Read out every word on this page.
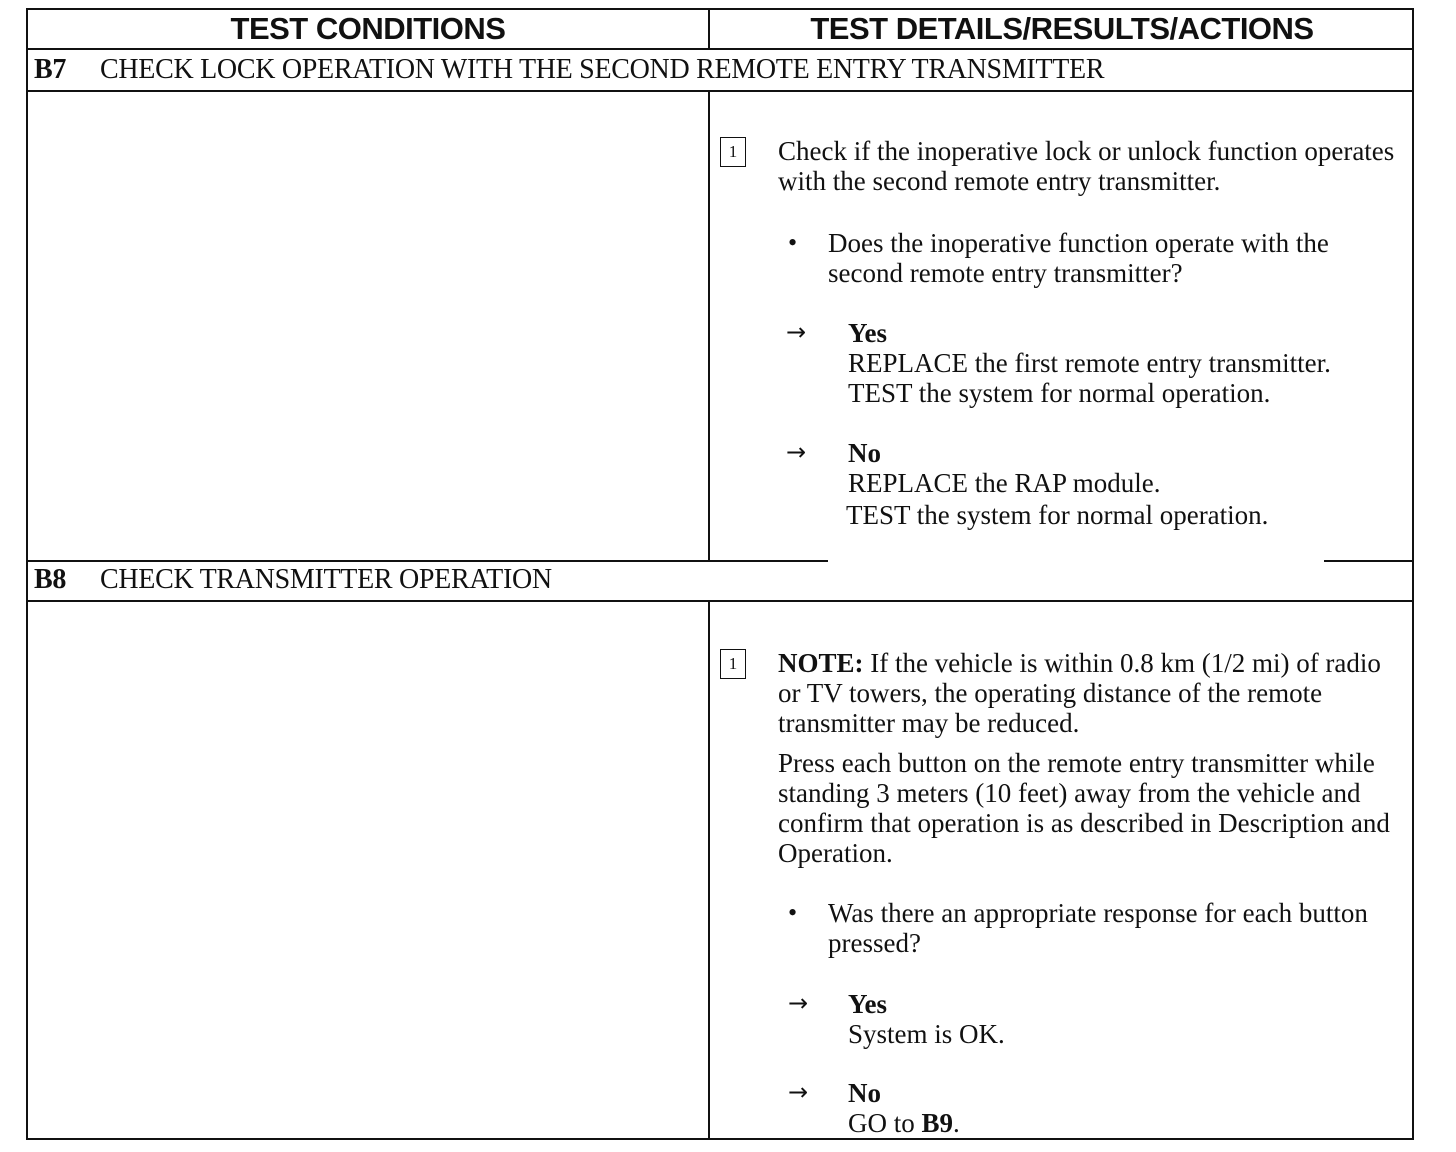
TEST CONDITIONS	TEST DETAILS/RESULTS/ACTIONS
B7 CHECK LOCK OPERATION WITH THE SECOND REMOTE ENTRY TRANSMITTER
1	Check if the inoperative lock or unlock function operates with the second remote entry transmitter.
• Does the inoperative function operate with the second remote entry transmitter?
→ Yes
REPLACE the first remote entry transmitter.
TEST the system for normal operation.
→ No
REPLACE the RAP module.
TEST the system for normal operation.
B8 CHECK TRANSMITTER OPERATION
1	NOTE: If the vehicle is within 0.8 km (1/2 mi) of radio or TV towers, the operating distance of the remote transmitter may be reduced.
Press each button on the remote entry transmitter while standing 3 meters (10 feet) away from the vehicle and confirm that operation is as described in Description and Operation.
• Was there an appropriate response for each button pressed?
→ Yes
System is OK.
→ No
GO to B9.
